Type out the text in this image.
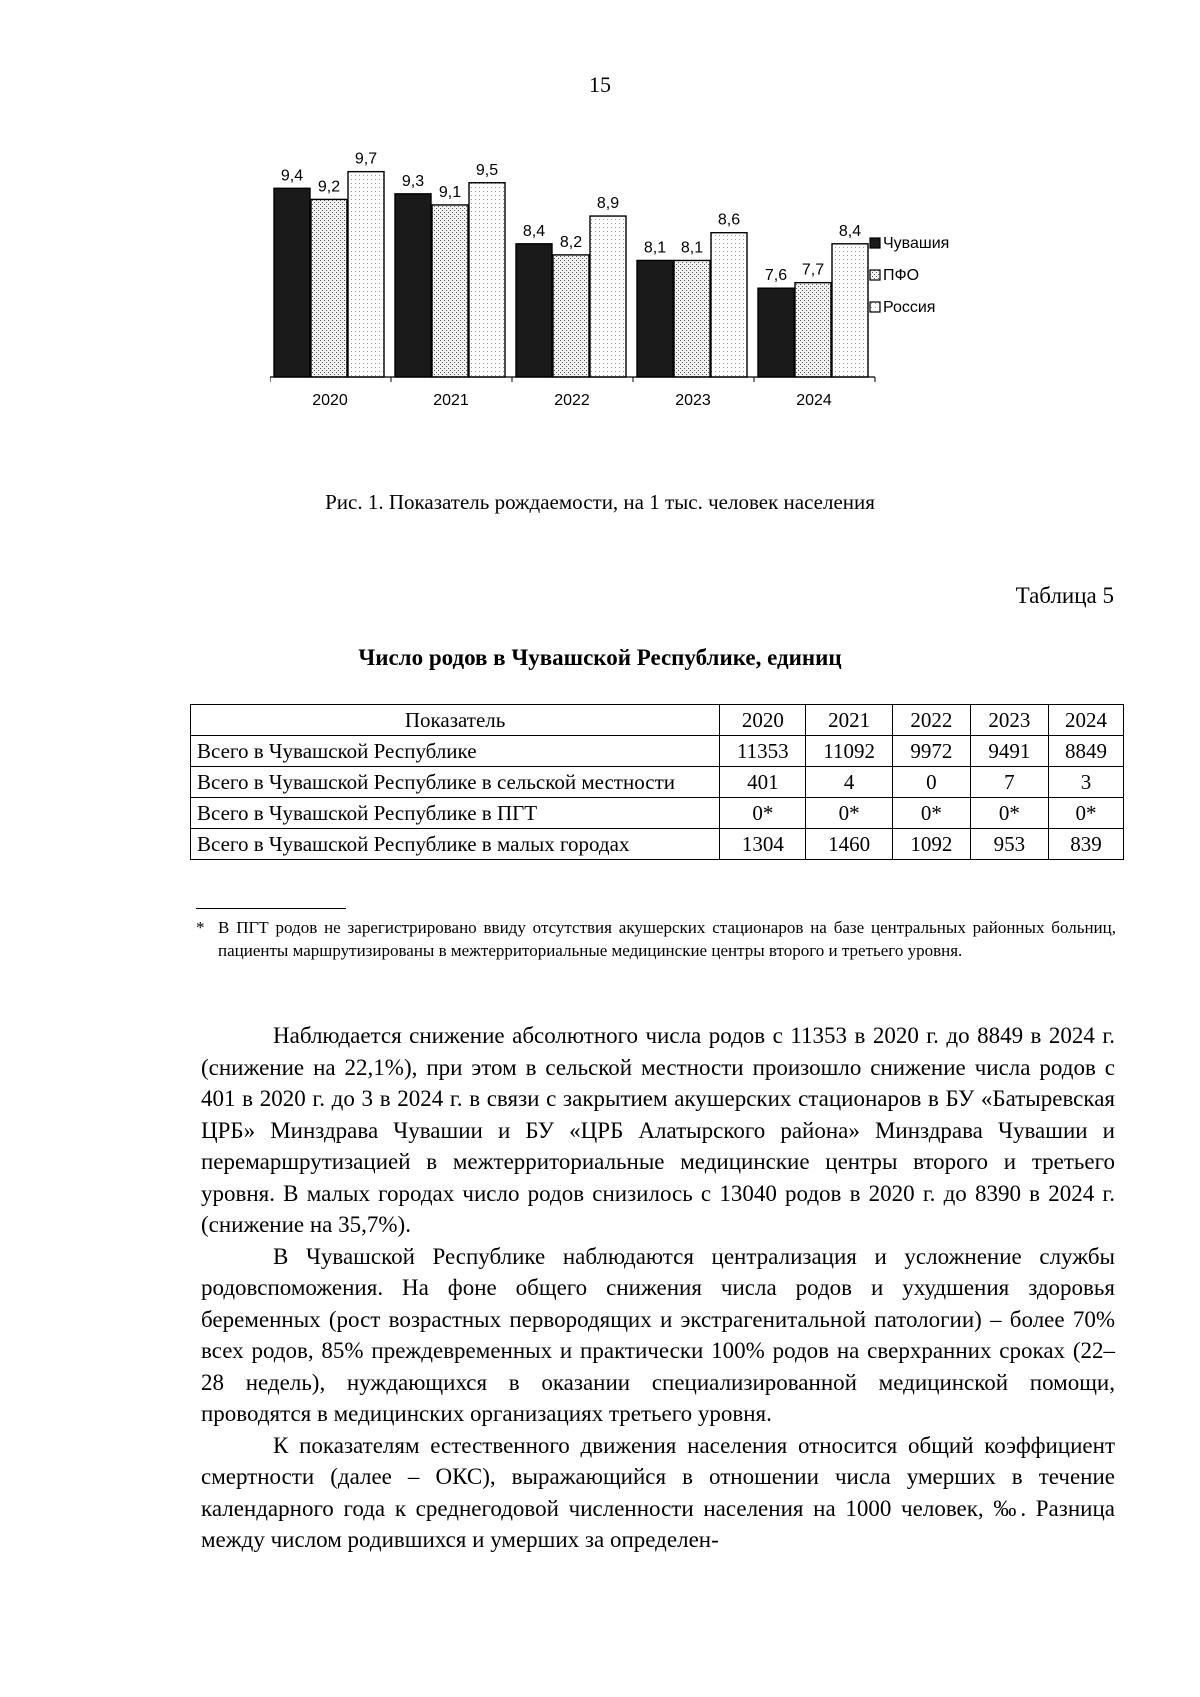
15
9,4
9,2
9,7
2020
9,3
9,1
9,5
2021
8,4
8,2
8,9
2022
8,1 8,1
8,6
2023
7,6 7,7
8,4
2024
Чувашия
ПФО
Россия
Рис. 1. Показатель рождаемости, на 1 тыс. человек населения
Таблица 5
Число родов в Чувашской Республике, единиц
Показатель	2020	2021	2022	2023	2024
Всего в Чувашской Республике	11353	11092	9972	9491	8849
Всего в Чувашской Республике в сельской местности	401	4	0	7	3
Всего в Чувашской Республике в ПГТ	0*	0*	0*	0*	0*
Всего в Чувашской Республике в малых городах	1304	1460	1092	953	839
* В ПГТ родов не зарегистрировано ввиду отсутствия акушерских стационаров на базе центральных районных больниц, пациенты маршрутизированы в межтерриториальные медицинские центры второго и третьего уровня.

Наблюдается снижение абсолютного числа родов с 11353 в 2020 г. до 8849 в 2024 г. (снижение на 22,1%), при этом в сельской местности произошло снижение числа родов с 401 в 2020 г. до 3 в 2024 г. в связи с закрытием акушерских стационаров в БУ «Батыревская ЦРБ» Минздрава Чувашии и БУ «ЦРБ Алатырского района» Минздрава Чувашии и перемаршрутизацией в межтерриториальные медицинские центры второго и третьего уровня. В малых городах число родов снизилось с 13040 родов в 2020 г. до 8390 в 2024 г. (снижение на 35,7%).

В Чувашской Республике наблюдаются централизация и усложнение службы родовспоможения. На фоне общего снижения числа родов и ухудшения здоровья беременных (рост возрастных первородящих и экстрагенитальной патологии) – более 70% всех родов, 85% преждевременных и практически 100% родов на сверхранних сроках (22–28 недель), нуждающихся в оказании специализированной медицинской помощи, проводятся в медицинских организациях третьего уровня.

К показателям естественного движения населения относится общий коэффициент смертности (далее – ОКС), выражающийся в отношении числа умерших в течение календарного года к среднегодовой численности населения на 1000 человек, ‰. Разница между числом родившихся и умерших за определен-
